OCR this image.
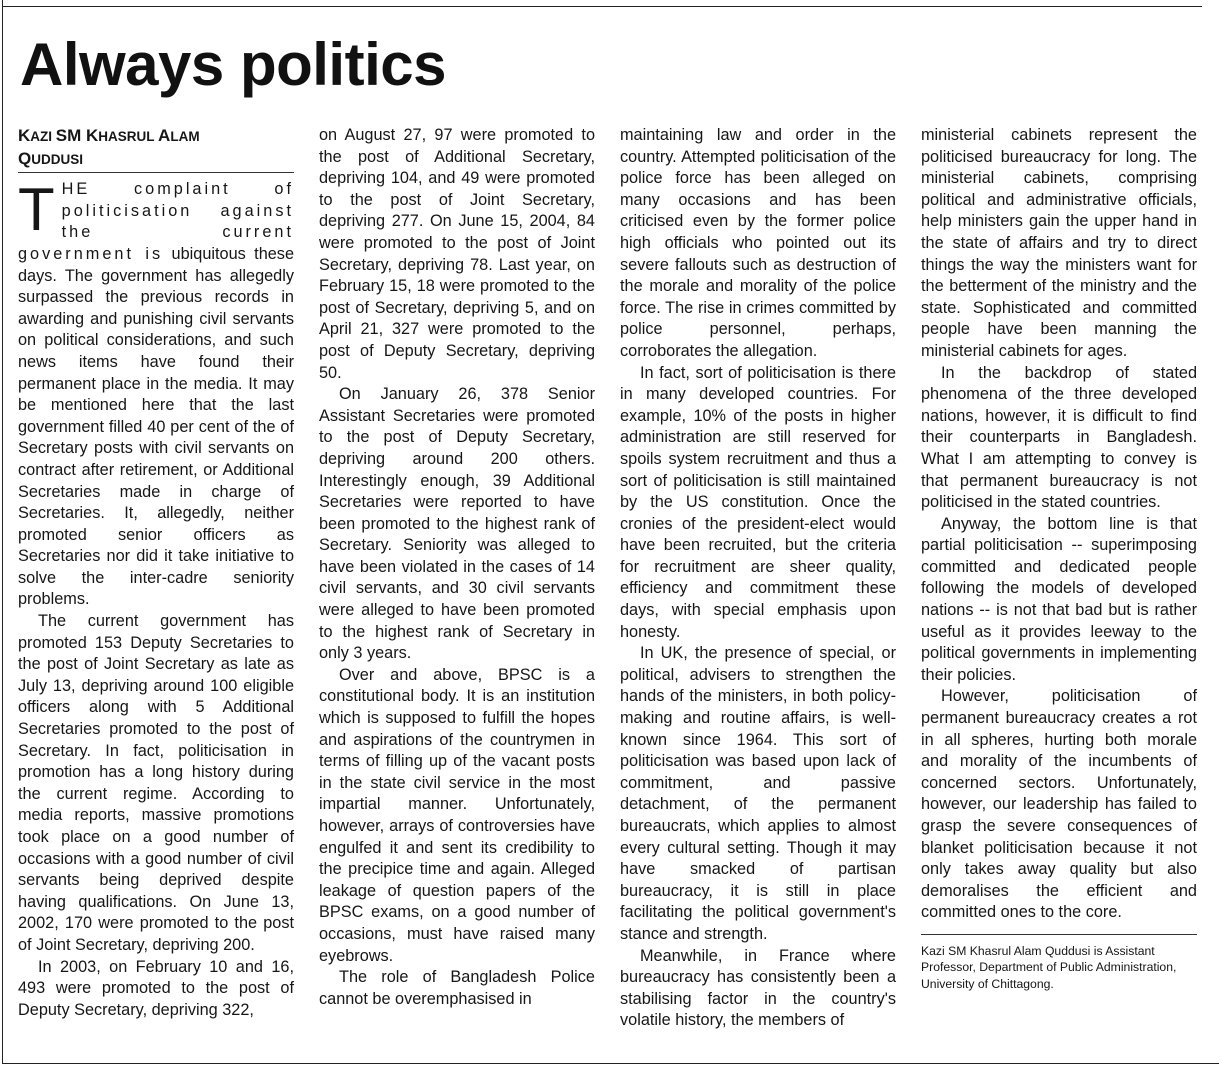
Always politics
KAZI SM KHASRUL ALAM
QUDDUSI

THE complaint of politicisation against the current government is ubiquitous these days. The government has allegedly surpassed the previous records in awarding and punishing civil servants on political considerations, and such news items have found their permanent place in the media. It may be mentioned here that the last government filled 40 per cent of the of Secretary posts with civil servants on contract after retirement, or Additional Secretaries made in charge of Secretaries. It, allegedly, neither promoted senior officers as Secretaries nor did it take initiative to solve the inter-cadre seniority problems.

The current government has promoted 153 Deputy Secretaries to the post of Joint Secretary as late as July 13, depriving around 100 eligible officers along with 5 Additional Secretaries promoted to the post of Secretary. In fact, politicisation in promotion has a long history during the current regime. According to media reports, massive promotions took place on a good number of occasions with a good number of civil servants being deprived despite having qualifications. On June 13, 2002, 170 were promoted to the post of Joint Secretary, depriving 200.

In 2003, on February 10 and 16, 493 were promoted to the post of Deputy Secretary, depriving 322,

on August 27, 97 were promoted to the post of Additional Secretary, depriving 104, and 49 were promoted to the post of Joint Secretary, depriving 277. On June 15, 2004, 84 were promoted to the post of Joint Secretary, depriving 78. Last year, on February 15, 18 were promoted to the post of Secretary, depriving 5, and on April 21, 327 were promoted to the post of Deputy Secretary, depriving 50.

On January 26, 378 Senior Assistant Secretaries were promoted to the post of Deputy Secretary, depriving around 200 others. Interestingly enough, 39 Additional Secretaries were reported to have been promoted to the highest rank of Secretary. Seniority was alleged to have been violated in the cases of 14 civil servants, and 30 civil servants were alleged to have been promoted to the highest rank of Secretary in only 3 years.

Over and above, BPSC is a constitutional body. It is an institution which is supposed to fulfill the hopes and aspirations of the countrymen in terms of filling up of the vacant posts in the state civil service in the most impartial manner. Unfortunately, however, arrays of controversies have engulfed it and sent its credibility to the precipice time and again. Alleged leakage of question papers of the BPSC exams, on a good number of occasions, must have raised many eyebrows.

The role of Bangladesh Police cannot be overemphasised in

maintaining law and order in the country. Attempted politicisation of the police force has been alleged on many occasions and has been criticised even by the former police high officials who pointed out its severe fallouts such as destruction of the morale and morality of the police force. The rise in crimes committed by police personnel, perhaps, corroborates the allegation.

In fact, sort of politicisation is there in many developed countries. For example, 10% of the posts in higher administration are still reserved for spoils system recruitment and thus a sort of politicisation is still maintained by the US constitution. Once the cronies of the president-elect would have been recruited, but the criteria for recruitment are sheer quality, efficiency and commitment these days, with special emphasis upon honesty.

In UK, the presence of special, or political, advisers to strengthen the hands of the ministers, in both policy-making and routine affairs, is well-known since 1964. This sort of politicisation was based upon lack of commitment, and passive detachment, of the permanent bureaucrats, which applies to almost every cultural setting. Though it may have smacked of partisan bureaucracy, it is still in place facilitating the political government's stance and strength.

Meanwhile, in France where bureaucracy has consistently been a stabilising factor in the country's volatile history, the members of

ministerial cabinets represent the politicised bureaucracy for long. The ministerial cabinets, comprising political and administrative officials, help ministers gain the upper hand in the state of affairs and try to direct things the way the ministers want for the betterment of the ministry and the state. Sophisticated and committed people have been manning the ministerial cabinets for ages.

In the backdrop of stated phenomena of the three developed nations, however, it is difficult to find their counterparts in Bangladesh. What I am attempting to convey is that permanent bureaucracy is not politicised in the stated countries.

Anyway, the bottom line is that partial politicisation -- superimposing committed and dedicated people following the models of developed nations -- is not that bad but is rather useful as it provides leeway to the political governments in implementing their policies.

However, politicisation of permanent bureaucracy creates a rot in all spheres, hurting both morale and morality of the incumbents of concerned sectors. Unfortunately, however, our leadership has failed to grasp the severe consequences of blanket politicisation because it not only takes away quality but also demoralises the efficient and committed ones to the core.

Kazi SM Khasrul Alam Quddusi is Assistant Professor, Department of Public Administration, University of Chittagong.
